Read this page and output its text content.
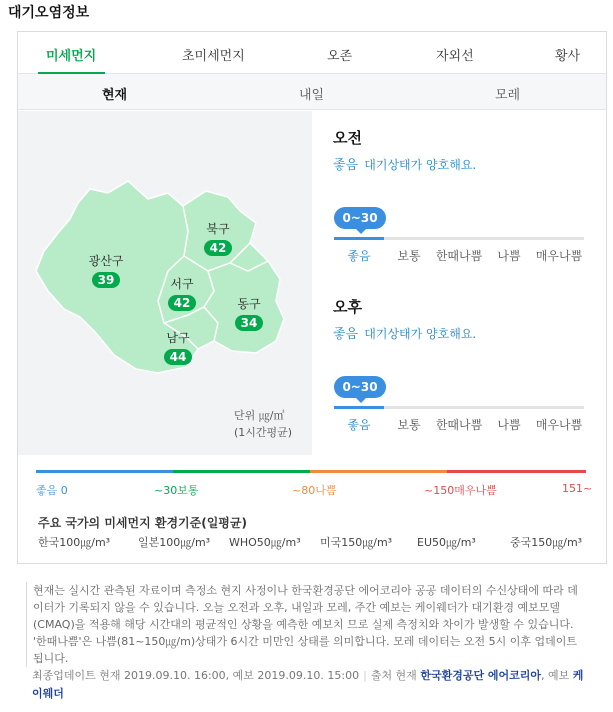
대기오염정보
미세먼지	초미세먼지	오존	자외선	황사
현재	내일	모레
광산구
39
북구
42
서구
42	동구
34
남구
44
단위 ㎍/㎥
(1시간평균)
오전
좋음 대기상태가 양호해요.
0~30
좋음	보통	한때나쁨	나쁨	매우나쁨
오후
좋음 대기상태가 양호해요.
0~30
좋음	보통	한때나쁨	나쁨	매우나쁨
좋음 0	~30보통	~80나쁨	~150매우나쁨	151~
주요 국가의 미세먼지 환경기준(일평균)
한국100㎍/m³	일본100㎍/m³ WHO50㎍/m³ 미국150㎍/m³ EU50㎍/m³	중국150㎍/m³

현재는 실시간 관측된 자료이며 측정소 현지 사정이나 한국환경공단 에어코리아 공공 데이터의 수신상태에 따라 데이터가 기록되지 않을 수 있습니다. 오늘 오전과 오후, 내일과 모레, 주간 예보는 케이웨더가 대기환경 예보모델(CMAQ)을 적용해 해당 시간대의 평균적인 상황을 예측한 예보치 므로 실제 측정치와 차이가 발생할 수 있습니다. '한때나쁨'은 나쁨(81~150㎍/m)상태가 6시간 미만인 상태를 의미합니다. 모레 데이터는 오전 5시 이후 업데이트 됩니다.

최종업데이트 현재 2019.09.10. 16:00, 예보 2019.09.10. 15:00 | 출처 현재 한국환경공단 에어코리아, 예보 케이웨더
